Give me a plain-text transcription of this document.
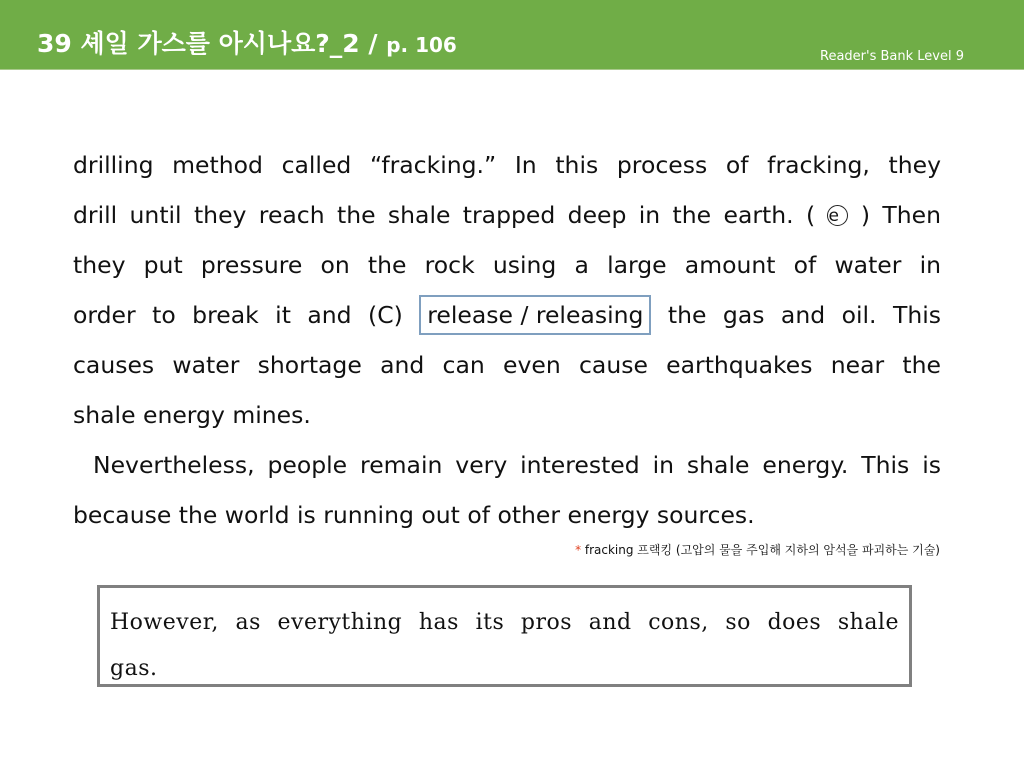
39 셰일 가스를 아시나요?_2 / p. 106	Reader's Bank Level 9
drilling method called “fracking.” In this process of fracking, they
drill until they reach the shale trapped deep in the earth. ( e ) Then
they put pressure on the rock using a large amount of water in
order to break it and (C) release / releasing the gas and oil. This
causes water shortage and can even cause earthquakes near the
shale energy mines.
Nevertheless, people remain very interested in shale energy. This is
because the world is running out of other energy sources.
* fracking 프랙킹 (고압의 물을 주입해 지하의 암석을 파괴하는 기술)
However, as everything has its pros and cons, so does shale
gas.
